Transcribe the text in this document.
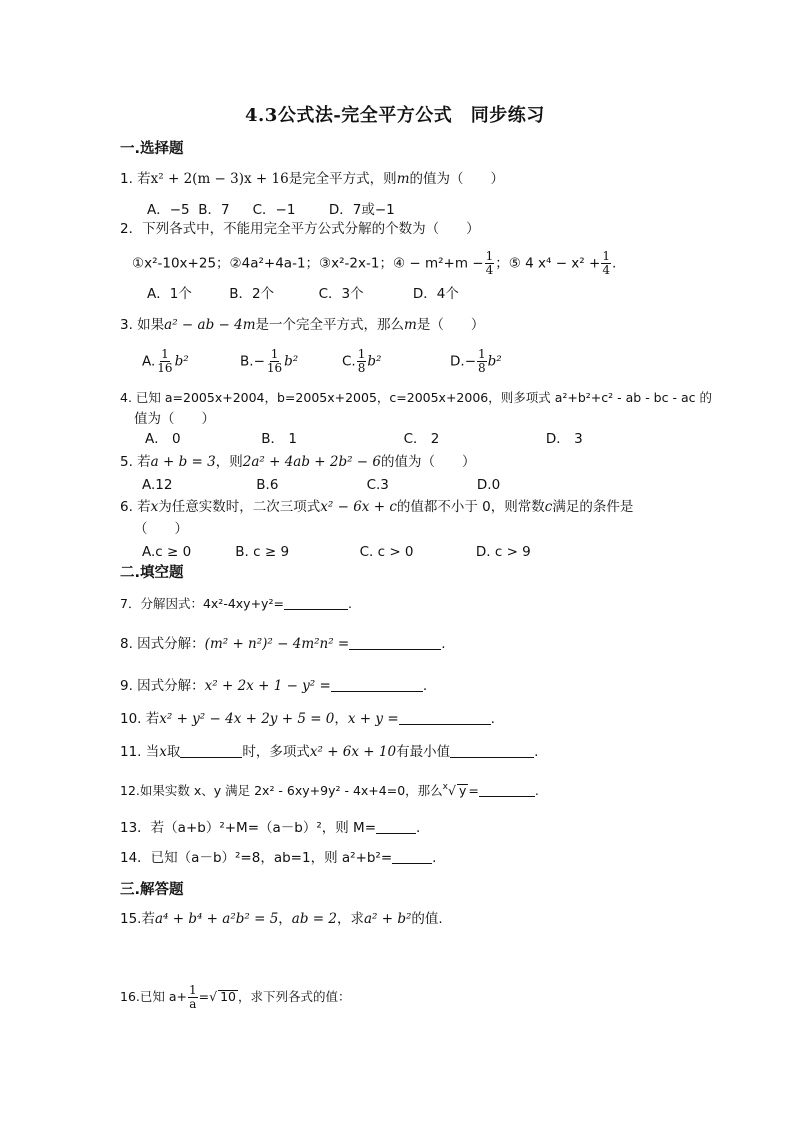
4.3公式法-完全平方公式　同步练习
一.选择题
1. 若x² + 2(m − 3)x + 16是完全平方式，则m的值为（　　）
A．−5 B．7 C．−1 D．7或−1
2．下列各式中，不能用完全平方公式分解的个数为（　　）
①x²-10x+25；②4a²+4a-1；③x²-2x-1；④ − $m^2+m - \frac{1}{4}$ ；⑤ 4 $x^4 - x^2 + \frac{1}{4}$ .
A．1个	B．2个	C．3个	D．4个
3. 如果a² − ab − 4m是一个完全平方式，那么m是（　　）
A. $\frac{1}{16} b^2$	$B.- \frac{1}{16} b^2$	C. $\frac{1}{8} b^2$	$D.- \frac{1}{8} b^2$
4. 已知 a=2005x+2004，b=2005x+2005，c=2005x+2006，则多项式 a²+b²+c² - ab - bc - ac 的
值为（　　）
A． 0	B． 1	C． 2	D． 3
5. 若a + b = 3，则2a² + 4ab + 2b² − 6的值为（　　）
A.12	B.6	C.3	D.0
6. 若x为任意实数时，二次三项式x² − 6x + c的值都不小于 0，则常数c满足的条件是
（　　）
A.c ≥ 0	B. c ≥ 9	C. c > 0	D. c > 9
二.填空题
7．分解因式：4x²-4xy+y²=	.
8. 因式分解：(m² + n²)² − 4m²n² =	.
9. 因式分解：x² + 2x + 1 − y² =	.
10. 若x² + y² − 4x + 2y + 5 = 0，x + y =	.
11. 当x取	时，多项式x² + 6x + 10有最小值	.
12.如果实数 x、y 满足 2x² - 6xy+9y² - 4x+4=0，那么$^x$√ y =	.
13．若（a+b）²+M=（a－b）²，则 M=	.
14．已知（a－b）²=8，ab=1，则 a²+b²=	.
三.解答题
15.若a⁴ + b⁴ + a²b² = 5，ab = 2，求a² + b²的值.
16.已知 $a+ \frac{1}{a}$ =√ 10 ，求下列各式的值：
